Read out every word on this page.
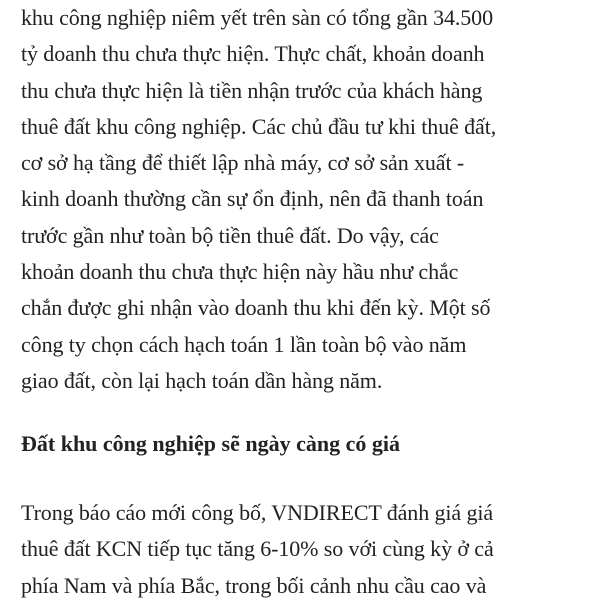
khu công nghiệp niêm yết trên sàn có tổng gần 34.500
tỷ doanh thu chưa thực hiện. Thực chất, khoản doanh
thu chưa thực hiện là tiền nhận trước của khách hàng
thuê đất khu công nghiệp. Các chủ đầu tư khi thuê đất,
cơ sở hạ tầng để thiết lập nhà máy, cơ sở sản xuất -
kinh doanh thường cần sự ổn định, nên đã thanh toán
trước gần như toàn bộ tiền thuê đất. Do vậy, các
khoản doanh thu chưa thực hiện này hầu như chắc
chắn được ghi nhận vào doanh thu khi đến kỳ. Một số
công ty chọn cách hạch toán 1 lần toàn bộ vào năm
giao đất, còn lại hạch toán dần hàng năm.

Đất khu công nghiệp sẽ ngày càng có giá

Trong báo cáo mới công bố, VNDIRECT đánh giá giá
thuê đất KCN tiếp tục tăng 6-10% so với cùng kỳ ở cả
phía Nam và phía Bắc, trong bối cảnh nhu cầu cao và
